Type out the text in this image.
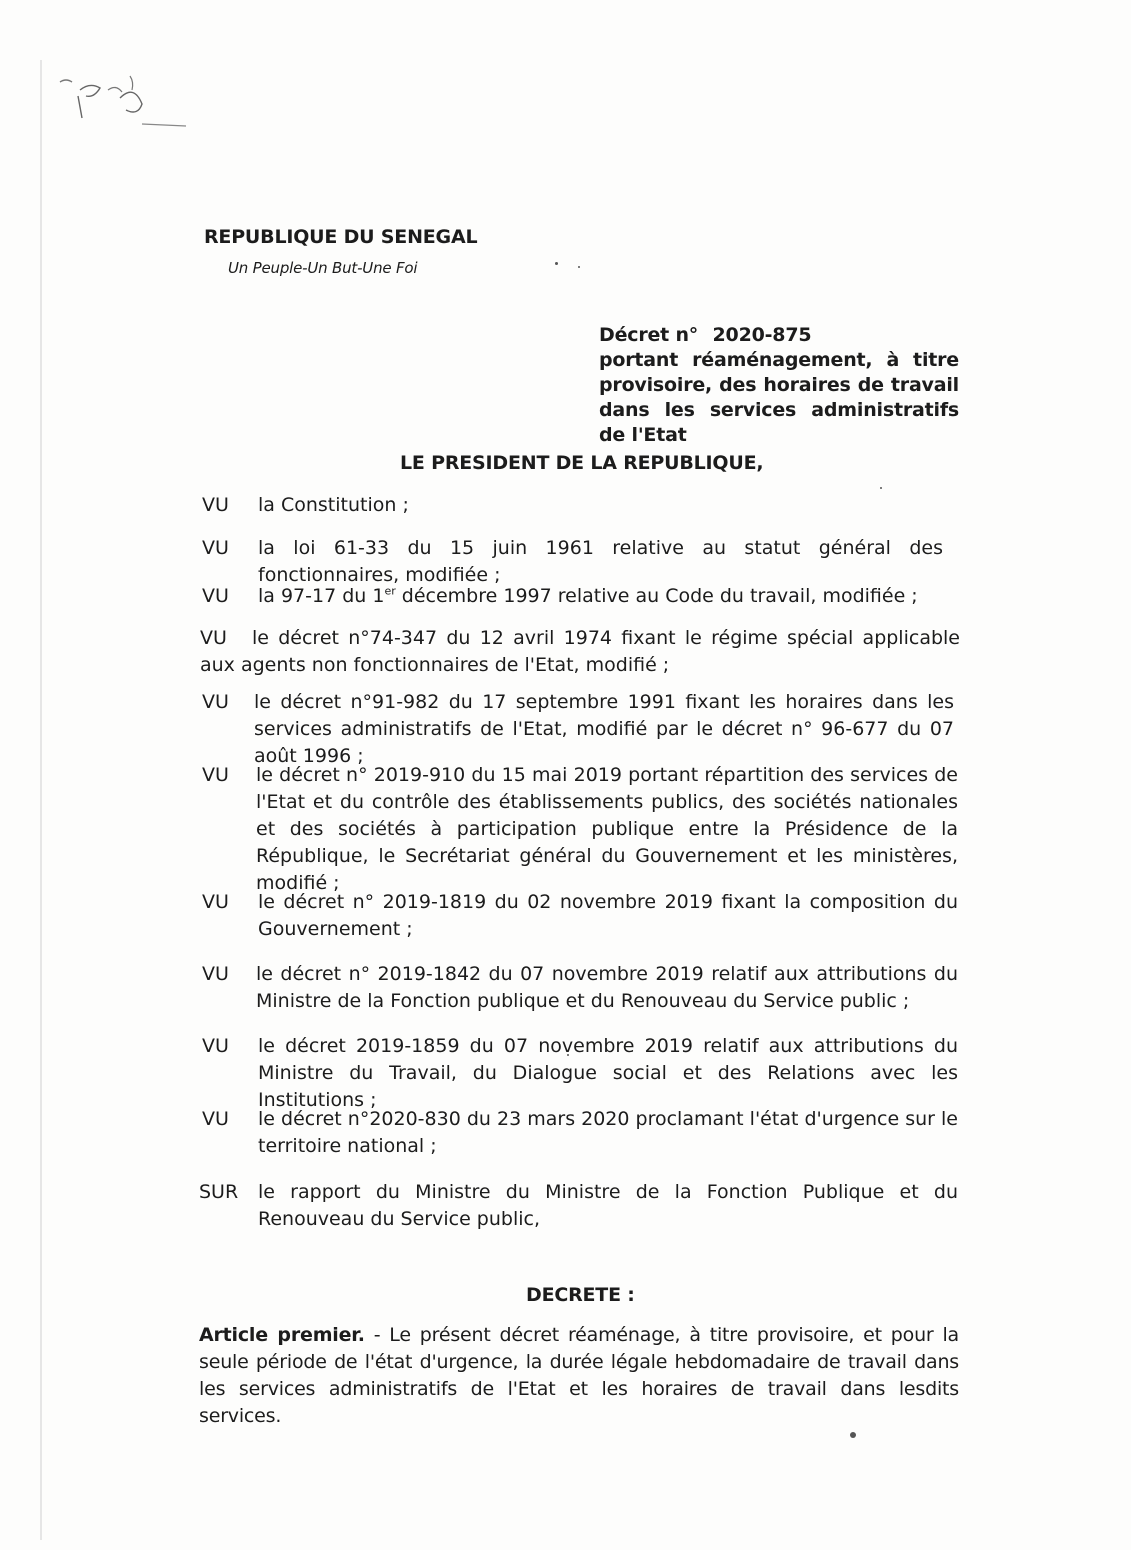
REPUBLIQUE DU SENEGAL
Un Peuple-Un But-Une Foi
Décret n° 2020-875
portant réaménagement, à titre provisoire, des horaires de travail dans les services administratifs de l'Etat
LE PRESIDENT DE LA REPUBLIQUE,
VU la Constitution ;
VU la loi 61-33 du 15 juin 1961 relative au statut général des fonctionnaires, modifiée ;
VU la 97-17 du 1er décembre 1997 relative au Code du travail, modifiée ;
VU	le décret n°74-347 du 12 avril 1974 fixant le régime spécial applicable aux agents non fonctionnaires de l'Etat, modifié ;
VU le décret n°91-982 du 17 septembre 1991 fixant les horaires dans les services administratifs de l'Etat, modifié par le décret n° 96-677 du 07 août 1996 ;
VU le décret n° 2019-910 du 15 mai 2019 portant répartition des services de l'Etat et du contrôle des établissements publics, des sociétés nationales et des sociétés à participation publique entre la Présidence de la République, le Secrétariat général du Gouvernement et les ministères, modifié ;
VU le décret n° 2019-1819 du 02 novembre 2019 fixant la composition du Gouvernement ;
VU le décret n° 2019-1842 du 07 novembre 2019 relatif aux attributions du Ministre de la Fonction publique et du Renouveau du Service public ;
VU le décret 2019-1859 du 07 novembre 2019 relatif aux attributions du Ministre du Travail, du Dialogue social et des Relations avec les Institutions ;
VU le décret n°2020-830 du 23 mars 2020 proclamant l'état d'urgence sur le territoire national ;
SUR le rapport du Ministre du Ministre de la Fonction Publique et du Renouveau du Service public,
DECRETE :
Article premier. - Le présent décret réaménage, à titre provisoire, et pour la seule période de l'état d'urgence, la durée légale hebdomadaire de travail dans les services administratifs de l'Etat et les horaires de travail dans lesdits services.
